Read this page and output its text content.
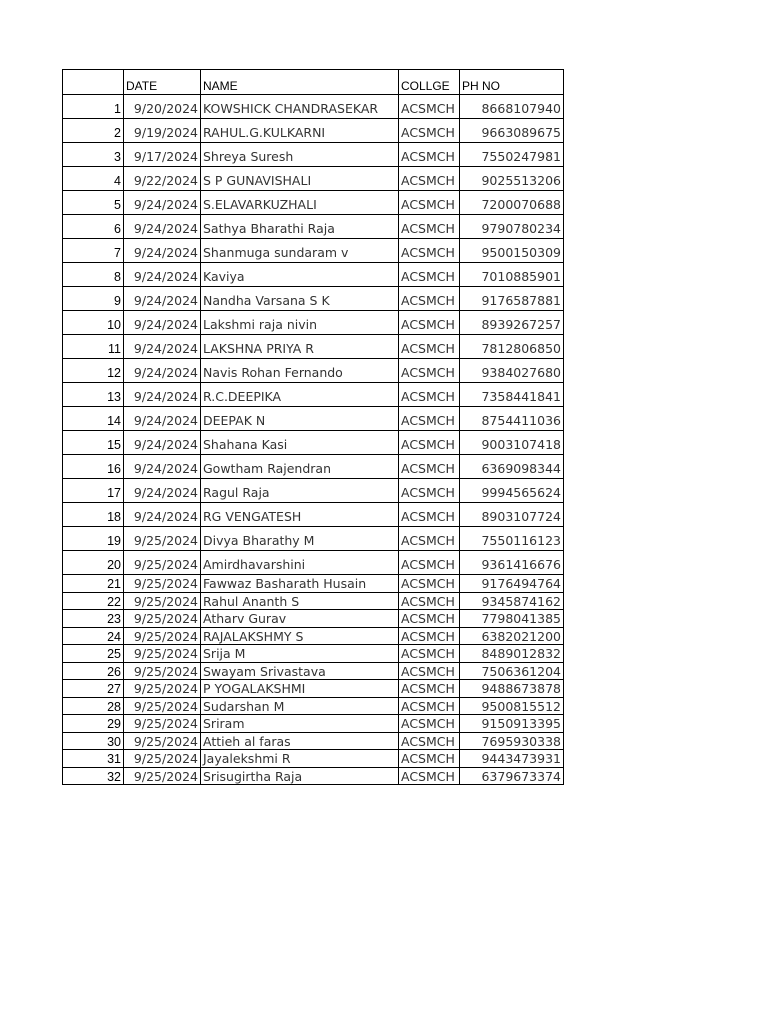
	DATE	NAME	COLLGE	PH NO
1	9/20/2024	KOWSHICK CHANDRASEKAR	ACSMCH	8668107940
2	9/19/2024	RAHUL.G.KULKARNI	ACSMCH	9663089675
3	9/17/2024	Shreya Suresh	ACSMCH	7550247981
4	9/22/2024	S P GUNAVISHALI	ACSMCH	9025513206
5	9/24/2024	S.ELAVARKUZHALI	ACSMCH	7200070688
6	9/24/2024	Sathya Bharathi Raja	ACSMCH	9790780234
7	9/24/2024	Shanmuga sundaram v	ACSMCH	9500150309
8	9/24/2024	Kaviya	ACSMCH	7010885901
9	9/24/2024	Nandha Varsana S K	ACSMCH	9176587881
10	9/24/2024	Lakshmi raja nivin	ACSMCH	8939267257
11	9/24/2024	LAKSHNA PRIYA R	ACSMCH	7812806850
12	9/24/2024	Navis Rohan Fernando	ACSMCH	9384027680
13	9/24/2024	R.C.DEEPIKA	ACSMCH	7358441841
14	9/24/2024	DEEPAK N	ACSMCH	8754411036
15	9/24/2024	Shahana Kasi	ACSMCH	9003107418
16	9/24/2024	Gowtham Rajendran	ACSMCH	6369098344
17	9/24/2024	Ragul Raja	ACSMCH	9994565624
18	9/24/2024	RG VENGATESH	ACSMCH	8903107724
19	9/25/2024	Divya Bharathy M	ACSMCH	7550116123
20	9/25/2024	Amirdhavarshini	ACSMCH	9361416676
21	9/25/2024	Fawwaz Basharath Husain	ACSMCH	9176494764
22	9/25/2024	Rahul Ananth S	ACSMCH	9345874162
23	9/25/2024	Atharv Gurav	ACSMCH	7798041385
24	9/25/2024	RAJALAKSHMY S	ACSMCH	6382021200
25	9/25/2024	Srija M	ACSMCH	8489012832
26	9/25/2024	Swayam Srivastava	ACSMCH	7506361204
27	9/25/2024	P YOGALAKSHMI	ACSMCH	9488673878
28	9/25/2024	Sudarshan M	ACSMCH	9500815512
29	9/25/2024	Sriram	ACSMCH	9150913395
30	9/25/2024	Attieh al faras	ACSMCH	7695930338
31	9/25/2024	Jayalekshmi R	ACSMCH	9443473931
32	9/25/2024	Srisugirtha Raja	ACSMCH	6379673374
